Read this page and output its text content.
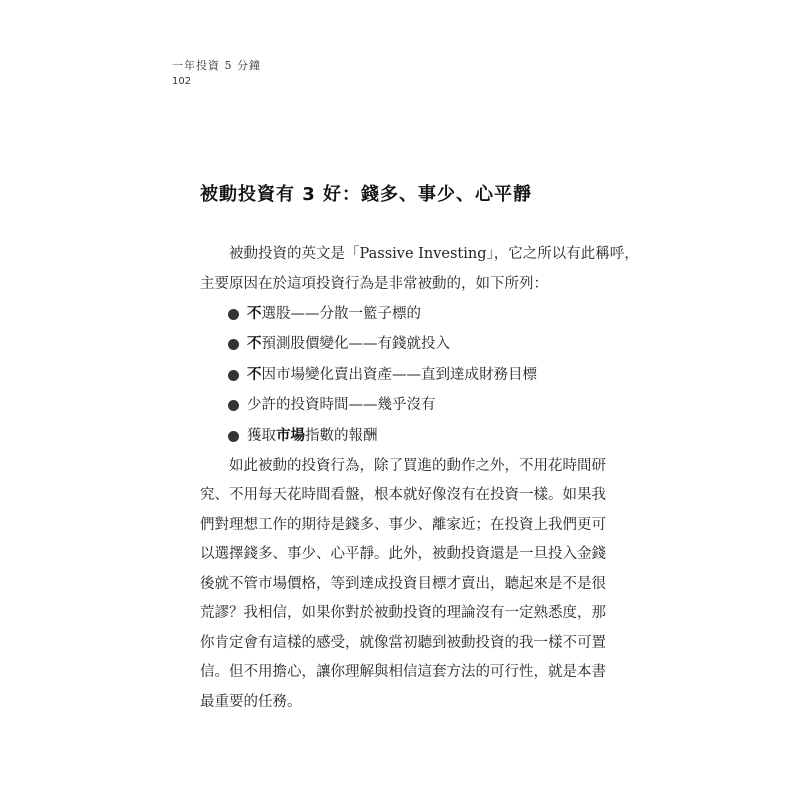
一年投資 5 分鐘
102
被動投資有 3 好：錢多、事少、心平靜

被動投資的英文是「Passive Investing」，它之所以有此稱呼，
主要原因在於這項投資行為是非常被動的，如下所列：

不 選股——分散一籃子標的
不 預測股價變化——有錢就投入
不 因市場變化賣出資產——直到達成財務目標
少許的投資時間——幾乎沒有
獲取 市場 指數的報酬

如此被動的投資行為，除了買進的動作之外，不用花時間研
究、不用每天花時間看盤，根本就好像沒有在投資一樣。如果我
們對理想工作的期待是錢多、事少、離家近；在投資上我們更可
以選擇錢多、事少、心平靜。此外，被動投資還是一旦投入金錢
後就不管市場價格，等到達成投資目標才賣出，聽起來是不是很
荒謬？我相信，如果你對於被動投資的理論沒有一定熟悉度，那
你肯定會有這樣的感受，就像當初聽到被動投資的我一樣不可置
信。但不用擔心，讓你理解與相信這套方法的可行性，就是本書
最重要的任務。
